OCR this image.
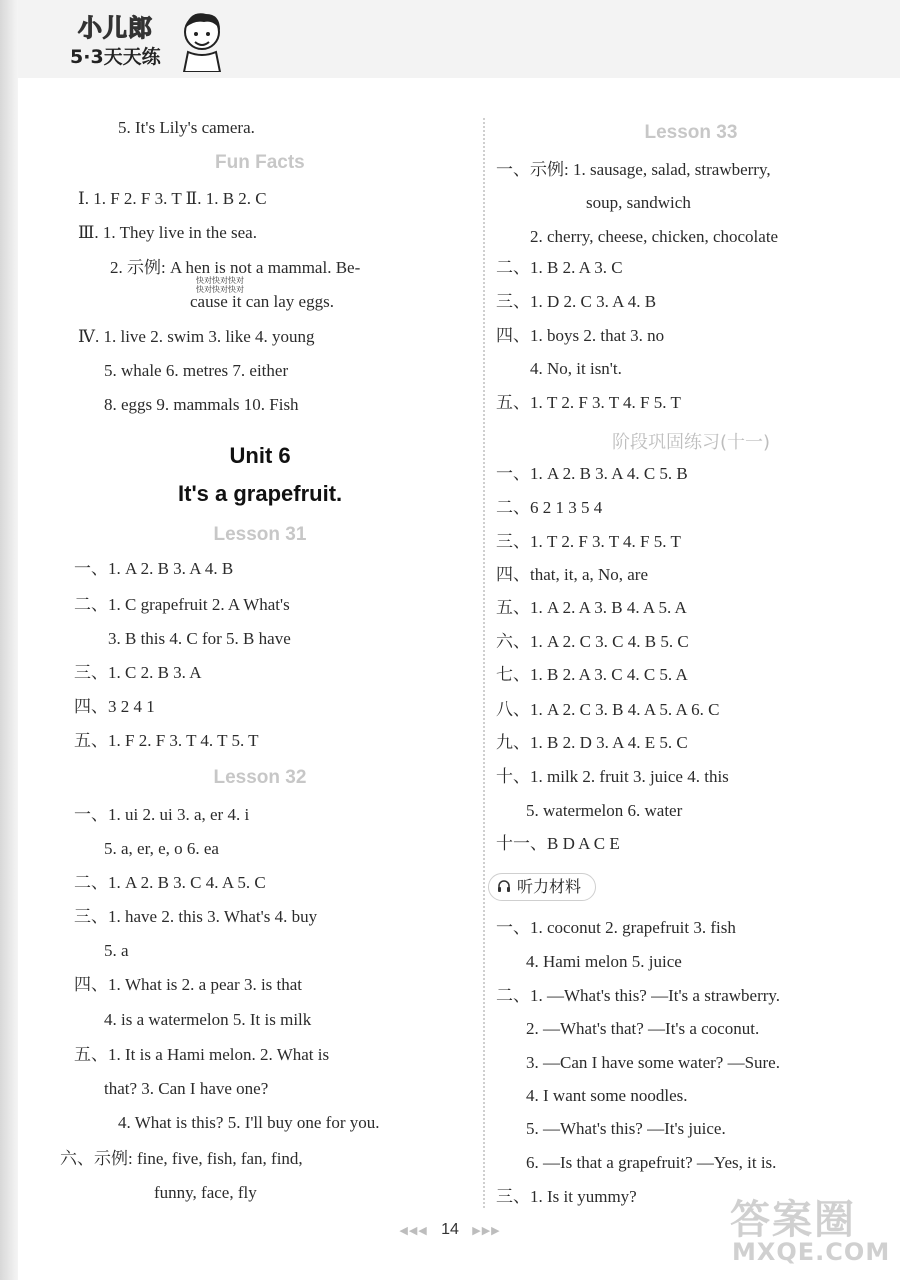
小儿郎
5·3天天练
5. It's Lily's camera.
Fun Facts
Ⅰ. 1. F 2. F 3. T Ⅱ. 1. B 2. C
Ⅲ. 1. They live in the sea.
2. 示例: A hen is not a mammal. Be-
cause it can lay eggs.
Ⅳ. 1. live 2. swim 3. like 4. young
5. whale 6. metres 7. either
8. eggs 9. mammals 10. Fish
Unit 6
It's a grapefruit.
Lesson 31
一、1. A 2. B 3. A 4. B
二、1. C grapefruit 2. A What's
3. B this 4. C for 5. B have
三、1. C 2. B 3. A
四、3 2 4 1
五、1. F 2. F 3. T 4. T 5. T
Lesson 32
一、1. ui 2. ui 3. a, er 4. i
5. a, er, e, o 6. ea
二、1. A 2. B 3. C 4. A 5. C
三、1. have 2. this 3. What's 4. buy
5. a
四、1. What is 2. a pear 3. is that
4. is a watermelon 5. It is milk
五、1. It is a Hami melon. 2. What is
that? 3. Can I have one?
4. What is this? 5. I'll buy one for you.
六、示例: fine, five, fish, fan, find,
funny, face, fly
Lesson 33
一、示例: 1. sausage, salad, strawberry,
soup, sandwich
2. cherry, cheese, chicken, chocolate
二、1. B 2. A 3. C
三、1. D 2. C 3. A 4. B
四、1. boys 2. that 3. no
4. No, it isn't.
五、1. T 2. F 3. T 4. F 5. T
阶段巩固练习(十一)
一、1. A 2. B 3. A 4. C 5. B
二、6 2 1 3 5 4
三、1. T 2. F 3. T 4. F 5. T
四、that, it, a, No, are
五、1. A 2. A 3. B 4. A 5. A
六、1. A 2. C 3. C 4. B 5. C
七、1. B 2. A 3. C 4. C 5. A
八、1. A 2. C 3. B 4. A 5. A 6. C
九、1. B 2. D 3. A 4. E 5. C
十、1. milk 2. fruit 3. juice 4. this
5. watermelon 6. water
十一、B D A C E
听力材料
一、1. coconut 2. grapefruit 3. fish
4. Hami melon 5. juice
二、1. —What's this? —It's a strawberry.
2. —What's that? —It's a coconut.
3. —Can I have some water? —Sure.
4. I want some noodles.
5. —What's this? —It's juice.
6. —Is that a grapefruit? —Yes, it is.
三、1. Is it yummy?
快对快对快对
快对快对快对
◀◀◀ 14 ▶▶▶	答案圈
MXQE.COM
